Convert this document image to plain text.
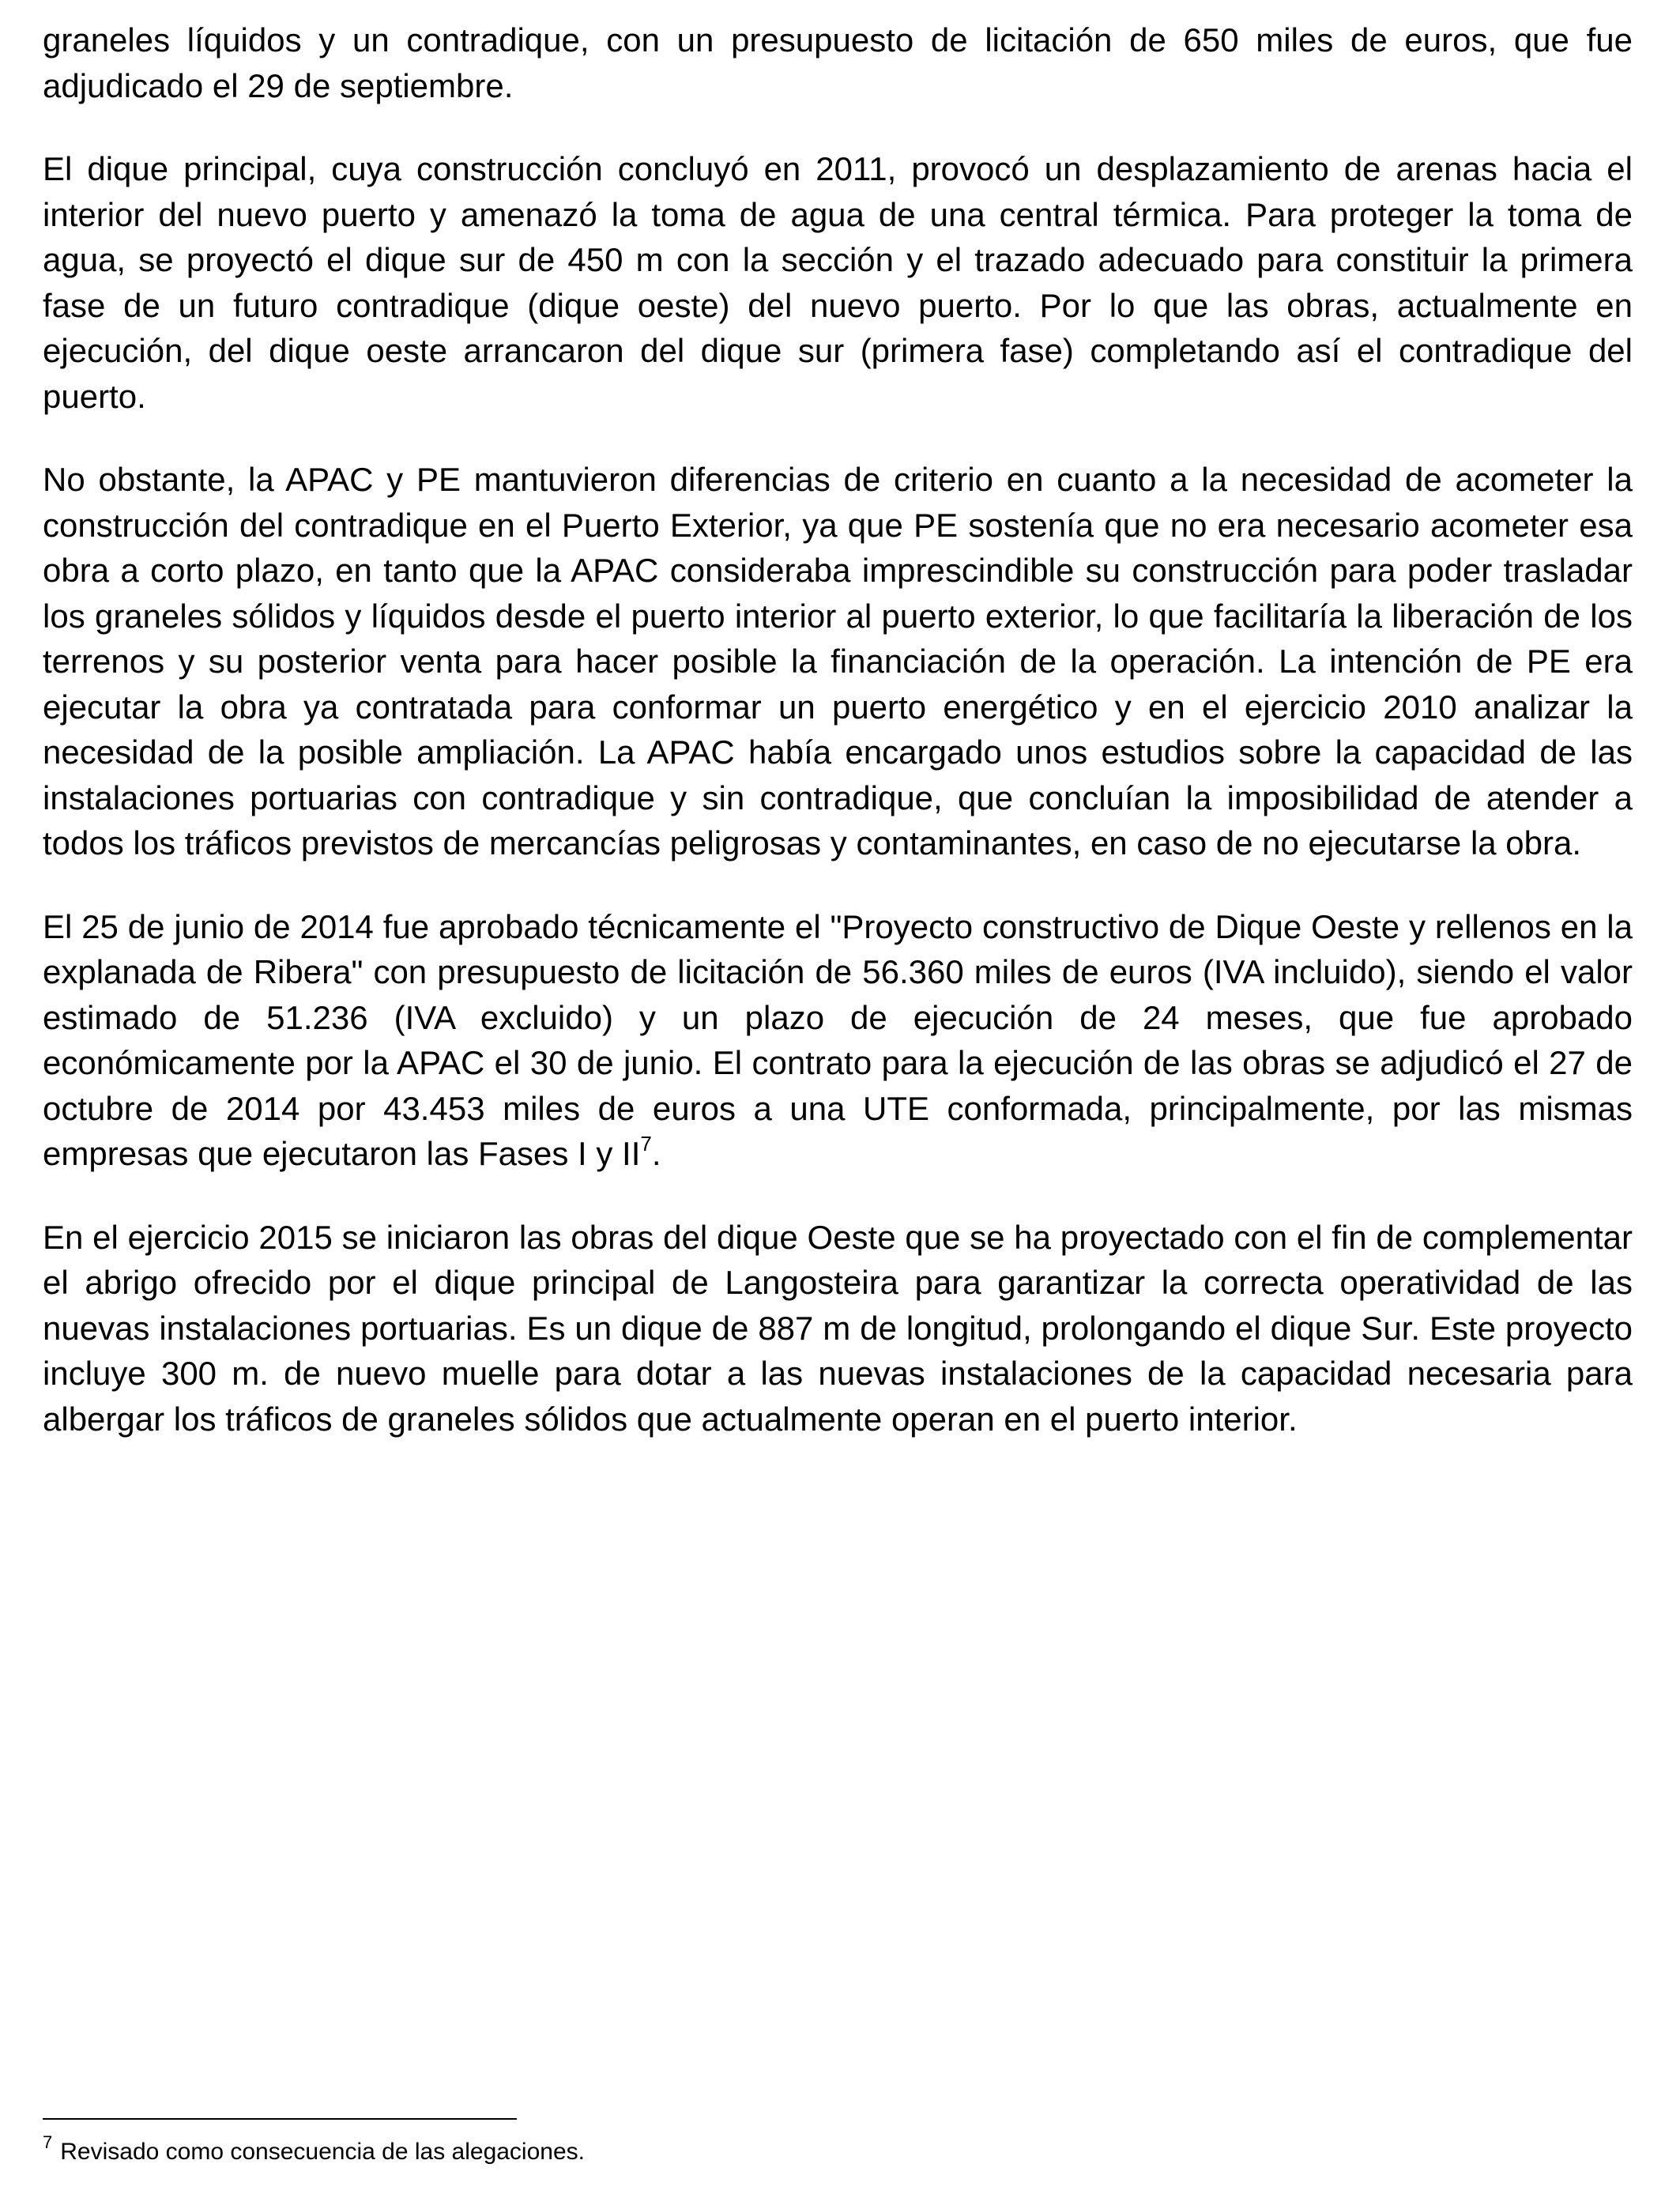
graneles líquidos y un contradique, con un presupuesto de licitación de 650 miles de euros, que fue adjudicado el 29 de septiembre.

El dique principal, cuya construcción concluyó en 2011, provocó un desplazamiento de arenas hacia el interior del nuevo puerto y amenazó la toma de agua de una central térmica. Para proteger la toma de agua, se proyectó el dique sur de 450 m con la sección y el trazado adecuado para constituir la primera fase de un futuro contradique (dique oeste) del nuevo puerto. Por lo que las obras, actualmente en ejecución, del dique oeste arrancaron del dique sur (primera fase) completando así el contradique del puerto.

No obstante, la APAC y PE mantuvieron diferencias de criterio en cuanto a la necesidad de acometer la construcción del contradique en el Puerto Exterior, ya que PE sostenía que no era necesario acometer esa obra a corto plazo, en tanto que la APAC consideraba imprescindible su construcción para poder trasladar los graneles sólidos y líquidos desde el puerto interior al puerto exterior, lo que facilitaría la liberación de los terrenos y su posterior venta para hacer posible la financiación de la operación. La intención de PE era ejecutar la obra ya contratada para conformar un puerto energético y en el ejercicio 2010 analizar la necesidad de la posible ampliación. La APAC había encargado unos estudios sobre la capacidad de las instalaciones portuarias con contradique y sin contradique, que concluían la imposibilidad de atender a todos los tráficos previstos de mercancías peligrosas y contaminantes, en caso de no ejecutarse la obra.

El 25 de junio de 2014 fue aprobado técnicamente el "Proyecto constructivo de Dique Oeste y rellenos en la explanada de Ribera" con presupuesto de licitación de 56.360 miles de euros (IVA incluido), siendo el valor estimado de 51.236 (IVA excluido) y un plazo de ejecución de 24 meses, que fue aprobado económicamente por la APAC el 30 de junio. El contrato para la ejecución de las obras se adjudicó el 27 de octubre de 2014 por 43.453 miles de euros a una UTE conformada, principalmente, por las mismas empresas que ejecutaron las Fases I y II$^7$.

En el ejercicio 2015 se iniciaron las obras del dique Oeste que se ha proyectado con el fin de complementar el abrigo ofrecido por el dique principal de Langosteira para garantizar la correcta operatividad de las nuevas instalaciones portuarias. Es un dique de 887 m de longitud, prolongando el dique Sur. Este proyecto incluye 300 m. de nuevo muelle para dotar a las nuevas instalaciones de la capacidad necesaria para albergar los tráficos de graneles sólidos que actualmente operan en el puerto interior.

$^7$ Revisado como consecuencia de las alegaciones.
